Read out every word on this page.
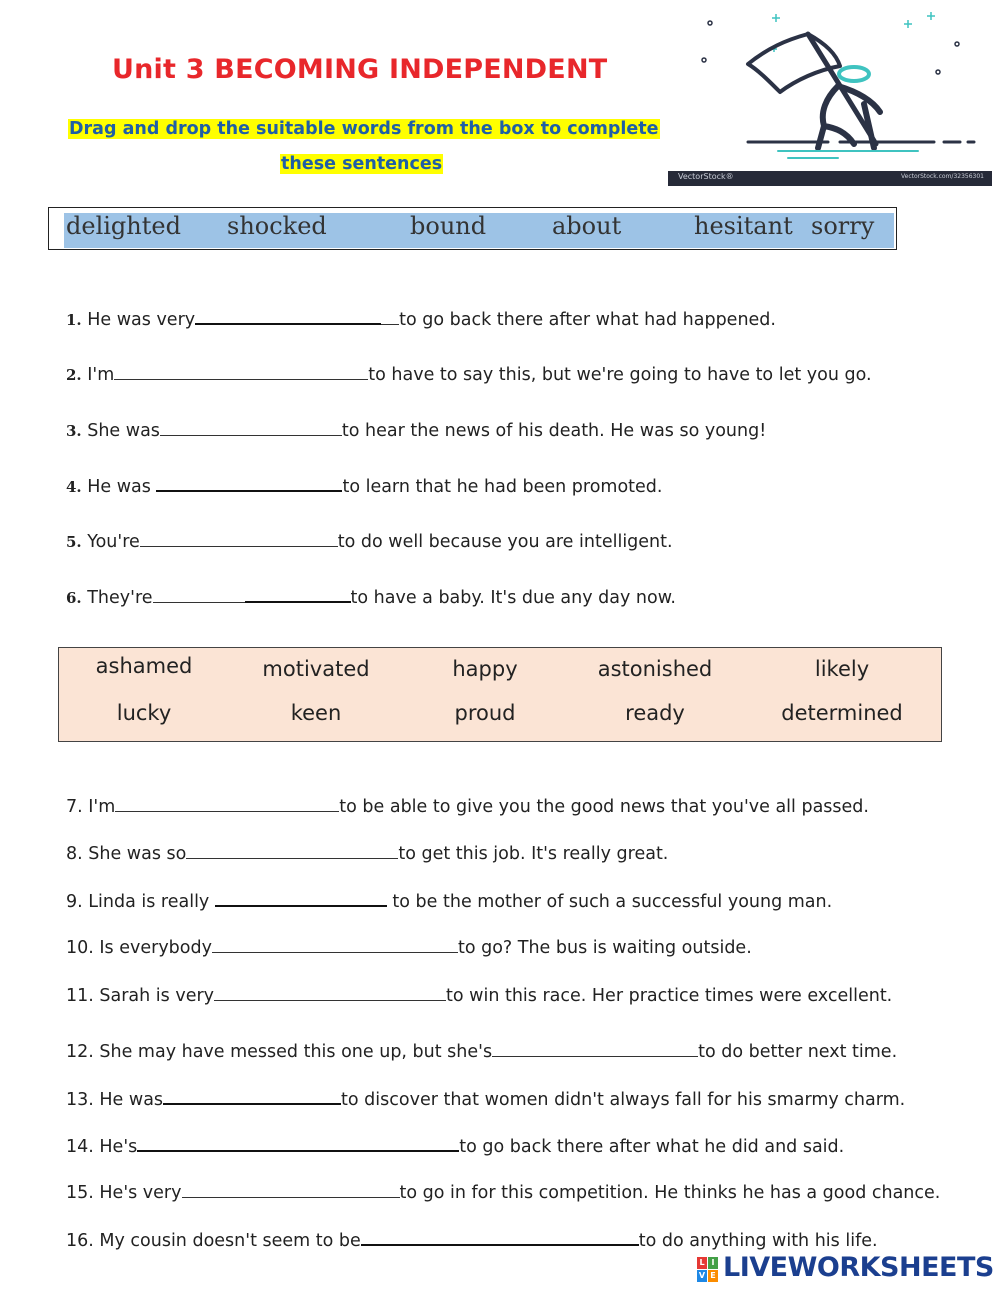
Unit 3 BECOMING INDEPENDENT
Drag and drop the suitable words from the box to complete
these sentences
VectorStock®	VectorStock.com/32356301
delighted shocked	bound	about	hesitant sorry
1. He was very	to go back there after what had happened.
2. I'm	to have to say this, but we're going to have to let you go.
3. She was	to hear the news of his death. He was so young!
4. He was	to learn that he had been promoted.
5. You're	to do well because you are intelligent.
6. They're	to have a baby. It's due any day now.
ashamed	motivated	happy	astonished	likely
lucky	keen	proud	ready	determined
7. I'm	to be able to give you the good news that you've all passed.
8. She was so	to get this job. It's really great.
9. Linda is really	to be the mother of such a successful young man.
10. Is everybody	to go? The bus is waiting outside.
11. Sarah is very	to win this race. Her practice times were excellent.
12. She may have messed this one up, but she's	to do better next time.
13. He was	to discover that women didn't always fall for his smarmy charm.
14. He's	to go back there after what he did and said.
15. He's very	to go in for this competition. He thinks he has a good chance.
16. My cousin doesn't seem to be	to do anything with his life.
L I
V E LIVEWORKSHEETS
